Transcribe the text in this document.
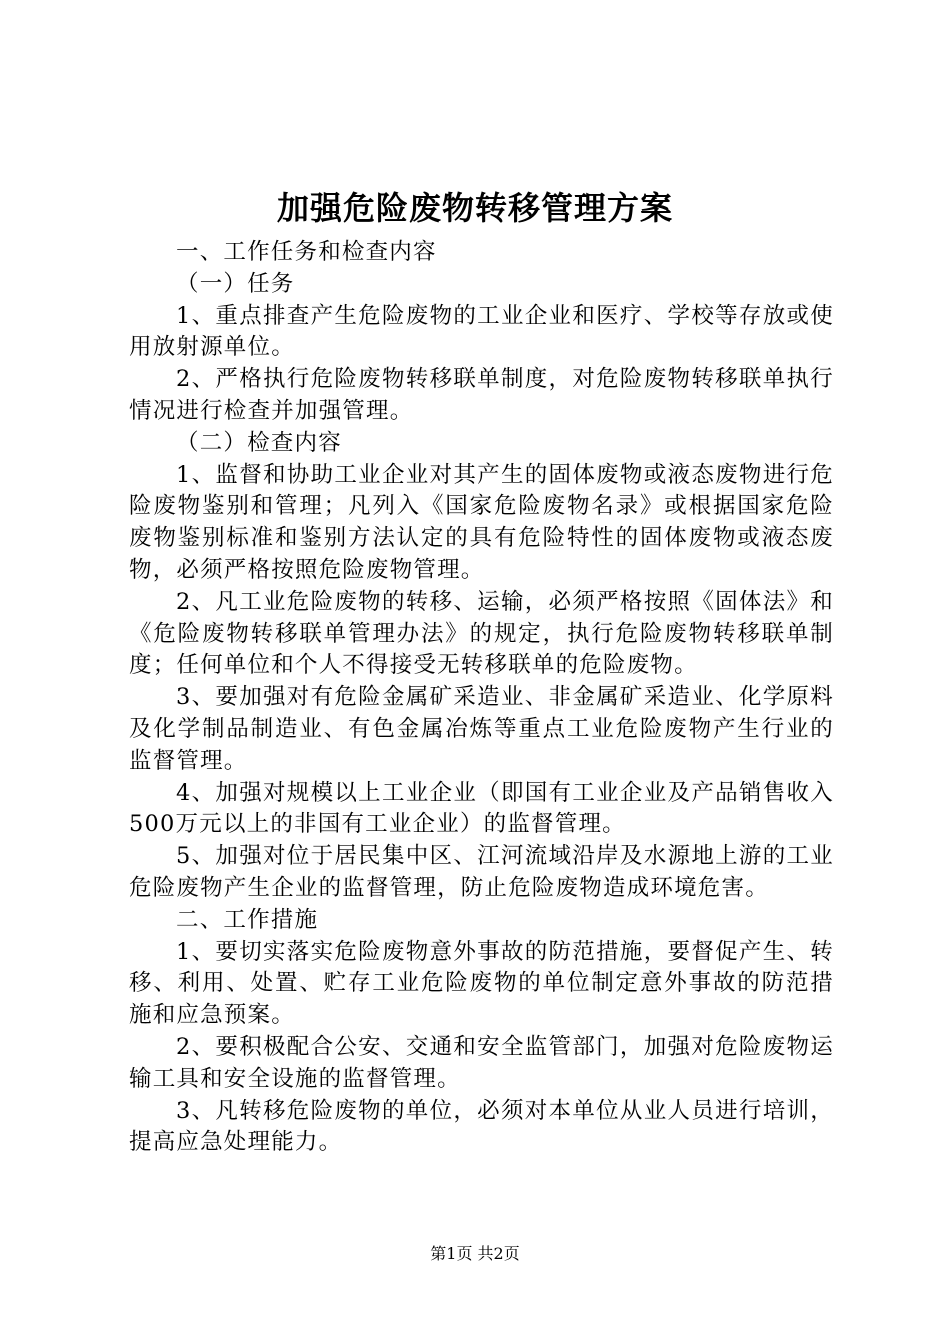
加强危险废物转移管理方案

一、工作任务和检查内容

（一）任务

1、重点排查产生危险废物的工业企业和医疗、学校等存放或使用放射源单位。

2、严格执行危险废物转移联单制度，对危险废物转移联单执行情况进行检查并加强管理。

（二）检查内容

1、监督和协助工业企业对其产生的固体废物或液态废物进行危险废物鉴别和管理；凡列入《国家危险废物名录》或根据国家危险废物鉴别标准和鉴别方法认定的具有危险特性的固体废物或液态废物，必须严格按照危险废物管理。

2、凡工业危险废物的转移、运输，必须严格按照《固体法》和《危险废物转移联单管理办法》的规定，执行危险废物转移联单制度；任何单位和个人不得接受无转移联单的危险废物。

3、要加强对有危险金属矿采造业、非金属矿采造业、化学原料及化学制品制造业、有色金属冶炼等重点工业危险废物产生行业的监督管理。

4、加强对规模以上工业企业（即国有工业企业及产品销售收入500万元以上的非国有工业企业）的监督管理。

5、加强对位于居民集中区、江河流域沿岸及水源地上游的工业危险废物产生企业的监督管理，防止危险废物造成环境危害。

二、工作措施

1、要切实落实危险废物意外事故的防范措施，要督促产生、转移、利用、处置、贮存工业危险废物的单位制定意外事故的防范措施和应急预案。

2、要积极配合公安、交通和安全监管部门，加强对危险废物运输工具和安全设施的监督管理。

3、凡转移危险废物的单位，必须对本单位从业人员进行培训，提高应急处理能力。

第1页 共2页
